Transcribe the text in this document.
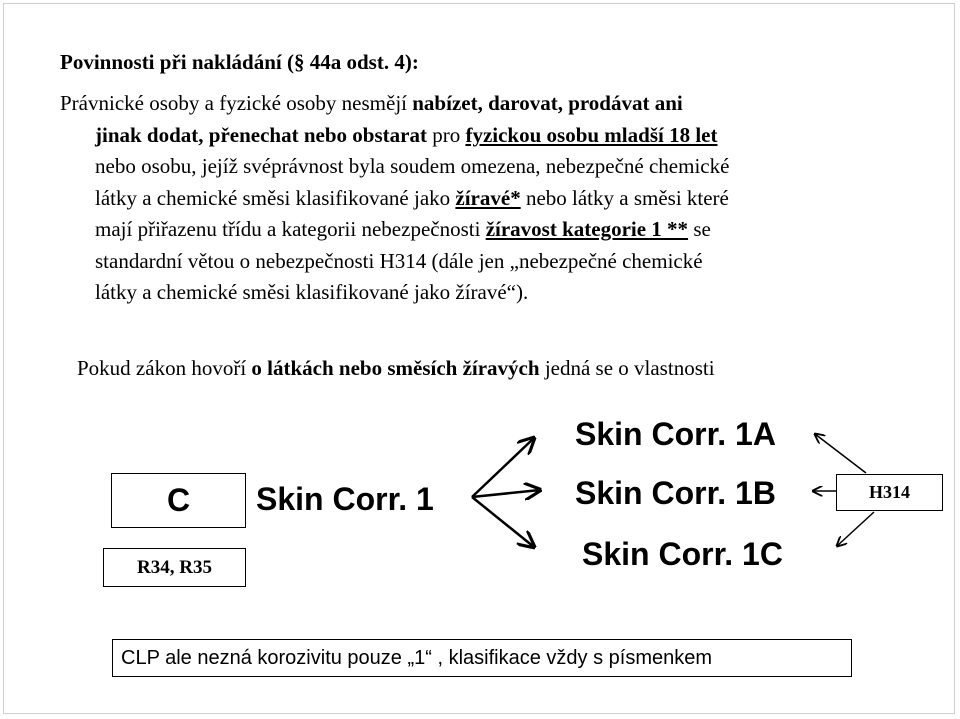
Povinnosti při nakládání (§ 44a odst. 4):
Právnické osoby a fyzické osoby nesmějí nabízet, darovat, prodávat ani
jinak dodat, přenechat nebo obstarat pro fyzickou osobu mladší 18 let
nebo osobu, jejíž svéprávnost byla soudem omezena, nebezpečné chemické
látky a chemické směsi klasifikované jako žíravé* nebo látky a směsi které
mají přiřazenu třídu a kategorii nebezpečnosti žíravost kategorie 1 ** se
standardní větou o nebezpečnosti H314 (dále jen „nebezpečné chemické
látky a chemické směsi klasifikované jako žíravé“).
Pokud zákon hovoří o látkách nebo směsích žíravých jedná se o vlastnosti
C
R34, R35
Skin Corr. 1
Skin Corr. 1A
Skin Corr. 1B
Skin Corr. 1C
H314
CLP ale nezná korozivitu pouze „1“ , klasifikace vždy s písmenkem
